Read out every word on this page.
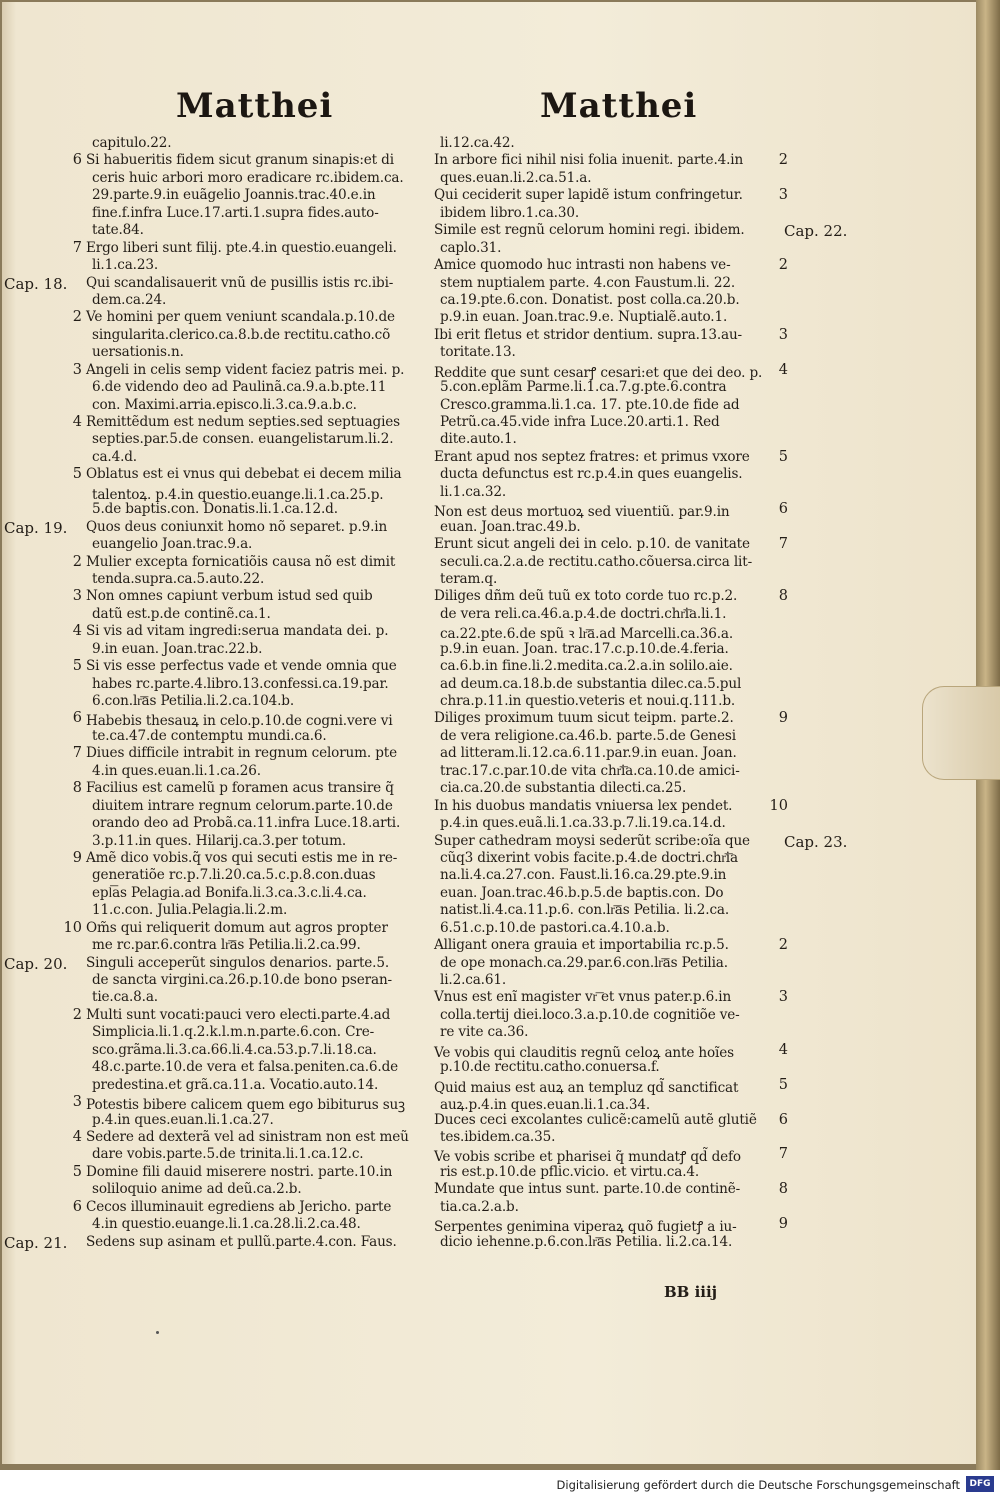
Matthei	Matthei
capitulo.22.
6 Si habueritis fidem sicut granum sinapis:et di
ceris huic arbori moro eradicare rc.ibidem.ca.
29.parte.9.in euãgelio Joannis.trac.40.e.in
fine.f.infra Luce.17.arti.1.supra fides.auto-
tate.84.
7 Ergo liberi sunt filij. pte.4.in questio.euangeli.
li.1.ca.23.
Cap. 18. Qui scandalisauerit vnũ de pusillis istis rc.ibi-
dem.ca.24.
2 Ve homini per quem veniunt scandala.p.10.de
singularita.clerico.ca.8.b.de rectitu.catho.cõ
uersationis.n.
3 Angeli in celis semp vident faciez patris mei. p.
6.de videndo deo ad Paulinã.ca.9.a.b.pte.11
con. Maximi.arria.episco.li.3.ca.9.a.b.c.
4 Remittẽdum est nedum septies.sed septuagies
septies.par.5.de consen. euangelistarum.li.2.
ca.4.d.
5 Oblatus est ei vnus qui debebat ei decem milia
talentoꝝ. p.4.in questio.euange.li.1.ca.25.p.
5.de baptis.con. Donatis.li.1.ca.12.d.
Cap. 19. Quos deus coniunxit homo nõ separet. p.9.in
euangelio Joan.trac.9.a.
2 Mulier excepta fornicatiõis causa nõ est dimit
tenda.supra.ca.5.auto.22.
3 Non omnes capiunt verbum istud sed quib
datũ est.p.de continẽ.ca.1.
4 Si vis ad vitam ingredi:serua mandata dei. p.
9.in euan. Joan.trac.22.b.
5 Si vis esse perfectus vade et vende omnia que
habes rc.parte.4.libro.13.confessi.ca.19.par.
6.con.lr͞as Petilia.li.2.ca.104.b.
6 Habebis thesauꝝ in celo.p.10.de cogni.vere vi
te.ca.47.de contemptu mundi.ca.6.
7 Diues difficile intrabit in regnum celorum. pte
4.in ques.euan.li.1.ca.26.
8 Facilius est camelũ p foramen acus transire q̃
diuitem intrare regnum celorum.parte.10.de
orando deo ad Probã.ca.11.infra Luce.18.arti.
3.p.11.in ques. Hilarij.ca.3.per totum.
9 Amẽ dico vobis.q̃ vos qui secuti estis me in re-
generatiõe rc.p.7.li.20.ca.5.c.p.8.con.duas
epl͞as Pelagia.ad Bonifa.li.3.ca.3.c.li.4.ca.
11.c.con. Julia.Pelagia.li.2.m.
10 Om̃s qui reliquerit domum aut agros propter
me rc.par.6.contra lr͞as Petilia.li.2.ca.99.
Cap. 20. Singuli acceperũt singulos denarios. parte.5.
de sancta virgini.ca.26.p.10.de bono pseran-
tie.ca.8.a.
2 Multi sunt vocati:pauci vero electi.parte.4.ad
Simplicia.li.1.q.2.k.l.m.n.parte.6.con. Cre-
sco.grãma.li.3.ca.66.li.4.ca.53.p.7.li.18.ca.
48.c.parte.10.de vera et falsa.peniten.ca.6.de
predestina.et grã.ca.11.a. Vocatio.auto.14.
3 Potestis bibere calicem quem ego bibiturus suꝫ
p.4.in ques.euan.li.1.ca.27.
4 Sedere ad dexterã vel ad sinistram non est meũ
dare vobis.parte.5.de trinita.li.1.ca.12.c.
5 Domine fili dauid miserere nostri. parte.10.in
soliloquio anime ad deũ.ca.2.b.
6 Cecos illuminauit egrediens ab Jericho. parte
4.in questio.euange.li.1.ca.28.li.2.ca.48.
Cap. 21. Sedens sup asinam et pullũ.parte.4.con. Faus.
li.12.ca.42.
2
In arbore fici nihil nisi folia inuenit. parte.4.in
ques.euan.li.2.ca.51.a.
3
Qui ceciderit super lapidẽ istum confringetur.
ibidem libro.1.ca.30.
Cap. 22.
Simile est regnũ celorum homini regi. ibidem.
caplo.31.
2
Amice quomodo huc intrasti non habens ve-
stem nuptialem parte. 4.con Faustum.li. 22.
ca.19.pte.6.con. Donatist. post colla.ca.20.b.
p.9.in euan. Joan.trac.9.e. Nuptialẽ.auto.1.
3
Ibi erit fletus et stridor dentium. supra.13.au-
toritate.13.
4
Reddite que sunt cesarꝭ cesari:et que dei deo. p.
5.con.eplãm Parme.li.1.ca.7.g.pte.6.contra
Cresco.gramma.li.1.ca. 17. pte.10.de fide ad
Petrũ.ca.45.vide infra Luce.20.arti.1. Red
dite.auto.1.
5
Erant apud nos septez fratres: et primus vxore
ducta defunctus est rc.p.4.in ques euangelis.
li.1.ca.32.
6
Non est deus mortuoꝝ sed viuentiũ. par.9.in
euan. Joan.trac.49.b.
7
Erunt sicut angeli dei in celo. p.10. de vanitate
seculi.ca.2.a.de rectitu.catho.cõuersa.circa lit-
teram.q.
8
Diliges dñm deũ tuũ ex toto corde tuo rc.p.2.
de vera reli.ca.46.a.p.4.de doctri.chr͞ia.li.1.
ca.22.pte.6.de spũ ꝛ lr͞a.ad Marcelli.ca.36.a.
p.9.in euan. Joan. trac.17.c.p.10.de.4.feria.
ca.6.b.in fine.li.2.medita.ca.2.a.in solilo.aie.
ad deum.ca.18.b.de substantia dilec.ca.5.pul
chra.p.11.in questio.veteris et noui.q.111.b.
9
Diliges proximum tuum sicut teipm. parte.2.
de vera religione.ca.46.b. parte.5.de Genesi
ad litteram.li.12.ca.6.11.par.9.in euan. Joan.
trac.17.c.par.10.de vita chr͞ia.ca.10.de amici-
cia.ca.20.de substantia dilecti.ca.25.
10
In his duobus mandatis vniuersa lex pendet.
p.4.in ques.euã.li.1.ca.33.p.7.li.19.ca.14.d.
Cap. 23.
Super cathedram moysi sederũt scribe:oĩa que
cũq3 dixerint vobis facite.p.4.de doctri.chr͞ia
na.li.4.ca.27.con. Faust.li.16.ca.29.pte.9.in
euan. Joan.trac.46.b.p.5.de baptis.con. Do
natist.li.4.ca.11.p.6. con.lr͞as Petilia. li.2.ca.
6.51.c.p.10.de pastori.ca.4.10.a.b.
2
Alligant onera grauia et importabilia rc.p.5.
de ope monach.ca.29.par.6.con.lr͞as Petilia.
li.2.ca.61.
3
Vnus est enĩ magister vr͞ et vnus pater.p.6.in
colla.tertij diei.loco.3.a.p.10.de cognitiõe ve-
re vite ca.36.
4
Ve vobis qui clauditis regnũ celoꝝ ante hoĩes
p.10.de rectitu.catho.conuersa.f.
5
Quid maius est auꝝ an templuz qd̃ sanctificat
auꝝ.p.4.in ques.euan.li.1.ca.34.
6
Duces ceci excolantes culicẽ:camelũ autẽ glutiẽ
tes.ibidem.ca.35.
7
Ve vobis scribe et pharisei q̃ mundatꝭ qd̃ defo
ris est.p.10.de pflic.vicio. et virtu.ca.4.
8
Mundate que intus sunt. parte.10.de continẽ-
tia.ca.2.a.b.
9
Serpentes genimina viperaꝝ quõ fugietꝭ a iu-
dicio iehenne.p.6.con.lr͞as Petilia. li.2.ca.14.
BB iiij
Digitalisierung gefördert durch die Deutsche Forschungsgemeinschaft	DFG
